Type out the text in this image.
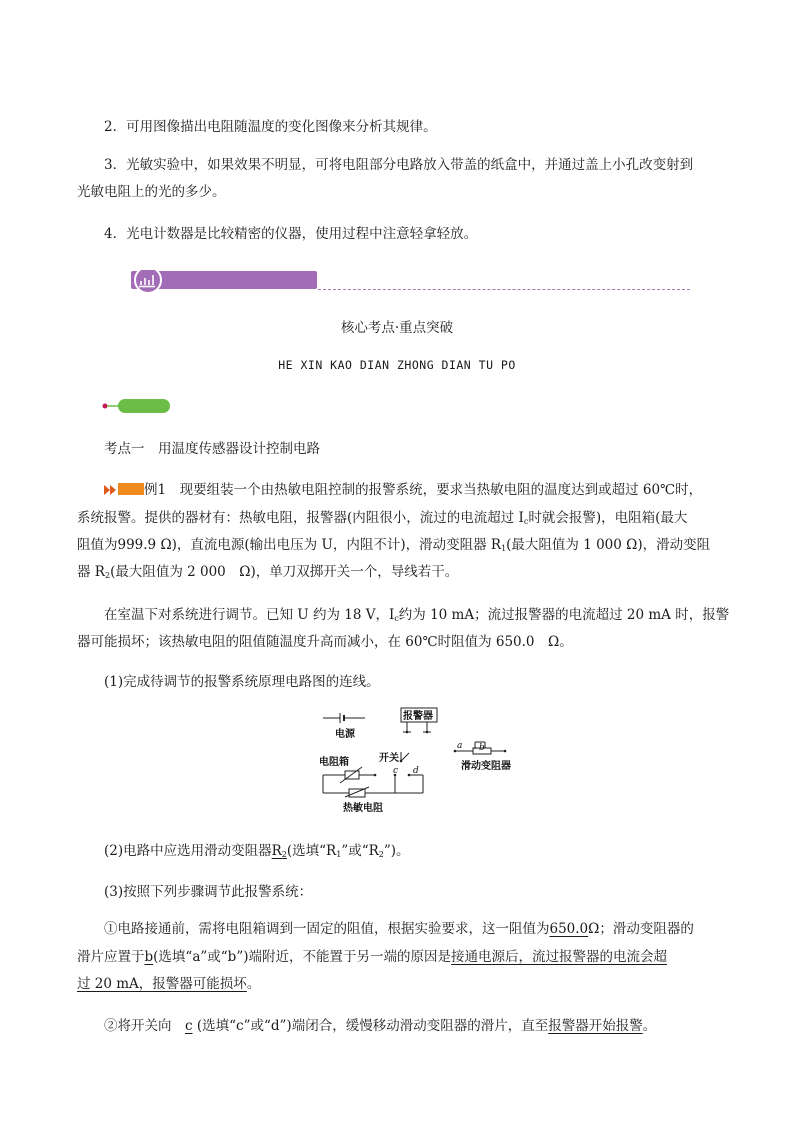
2．可用图像描出电阻随温度的变化图像来分析其规律。
3．光敏实验中，如果效果不明显，可将电阻部分电路放入带盖的纸盒中，并通过盖上小孔改变射到
光敏电阻上的光的多少。
4．光电计数器是比较精密的仪器，使用过程中注意轻拿轻放。
核心考点·重点突破
HE XIN KAO DIAN ZHONG DIAN TU PO
考点一　用温度传感器设计控制电路
例1　现要组装一个由热敏电阻控制的报警系统，要求当热敏电阻的温度达到或超过 60℃时，
系统报警。提供的器材有：热敏电阻，报警器(内阻很小，流过的电流超过 $I_c$时就会报警)，电阻箱(最大
阻值为999.9 Ω)，直流电源(输出电压为 U，内阻不计)，滑动变阻器 $R_1$(最大阻值为 1 000 Ω)，滑动变阻
器 $R_2$(最大阻值为 2 000　Ω)，单刀双掷开关一个，导线若干。
在室温下对系统进行调节。已知 U 约为 18 V，$I_c$约为 10 mA；流过报警器的电流超过 20 mA 时，报警
器可能损坏；该热敏电阻的阻值随温度升高而减小，在 60℃时阻值为 650.0　Ω。
(1)完成待调节的报警系统原理电路图的连线。
电源
报警器
开关
电阻箱	滑动变阻器
热敏电阻
a b
c d
(2)电路中应选用滑动变阻器$R_2$(选填“$R_1$”或“$R_2$”)。
(3)按照下列步骤调节此报警系统：
①电路接通前，需将电阻箱调到一固定的阻值，根据实验要求，这一阻值为650.0Ω；滑动变阻器的
滑片应置于b(选填“a”或“b”)端附近，不能置于另一端的原因是接通电源后，流过报警器的电流会超
过 20 mA，报警器可能损坏。
②将开关向　c (选填“c”或“d”)端闭合，缓慢移动滑动变阻器的滑片，直至报警器开始报警。
